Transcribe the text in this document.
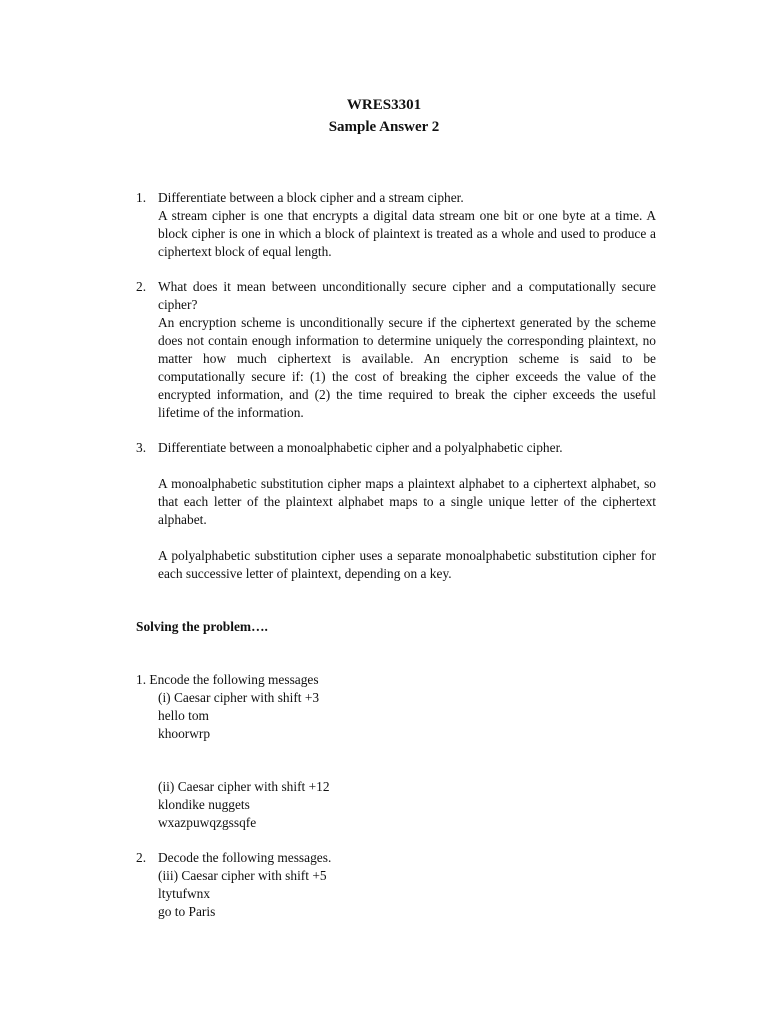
WRES3301
Sample Answer 2
1. Differentiate between a block cipher and a stream cipher.

A stream cipher is one that encrypts a digital data stream one bit or one byte at a time. A block cipher is one in which a block of plaintext is treated as a whole and used to produce a ciphertext block of equal length.

2. What does it mean between unconditionally secure cipher and a computationally secure cipher?

An encryption scheme is unconditionally secure if the ciphertext generated by the scheme does not contain enough information to determine uniquely the corresponding plaintext, no matter how much ciphertext is available. An encryption scheme is said to be computationally secure if: (1) the cost of breaking the cipher exceeds the value of the encrypted information, and (2) the time required to break the cipher exceeds the useful lifetime of the information.

3. Differentiate between a monoalphabetic cipher and a polyalphabetic cipher.

A monoalphabetic substitution cipher maps a plaintext alphabet to a ciphertext alphabet, so that each letter of the plaintext alphabet maps to a single unique letter of the ciphertext alphabet.

A polyalphabetic substitution cipher uses a separate monoalphabetic substitution cipher for each successive letter of plaintext, depending on a key.

Solving the problem….

1. Encode the following messages

(i) Caesar cipher with shift +3

hello tom

khoorwrp

(ii) Caesar cipher with shift +12

klondike nuggets

wxazpuwqzgssqfe

2. Decode the following messages.

(iii) Caesar cipher with shift +5

ltytufwnx

go to Paris
